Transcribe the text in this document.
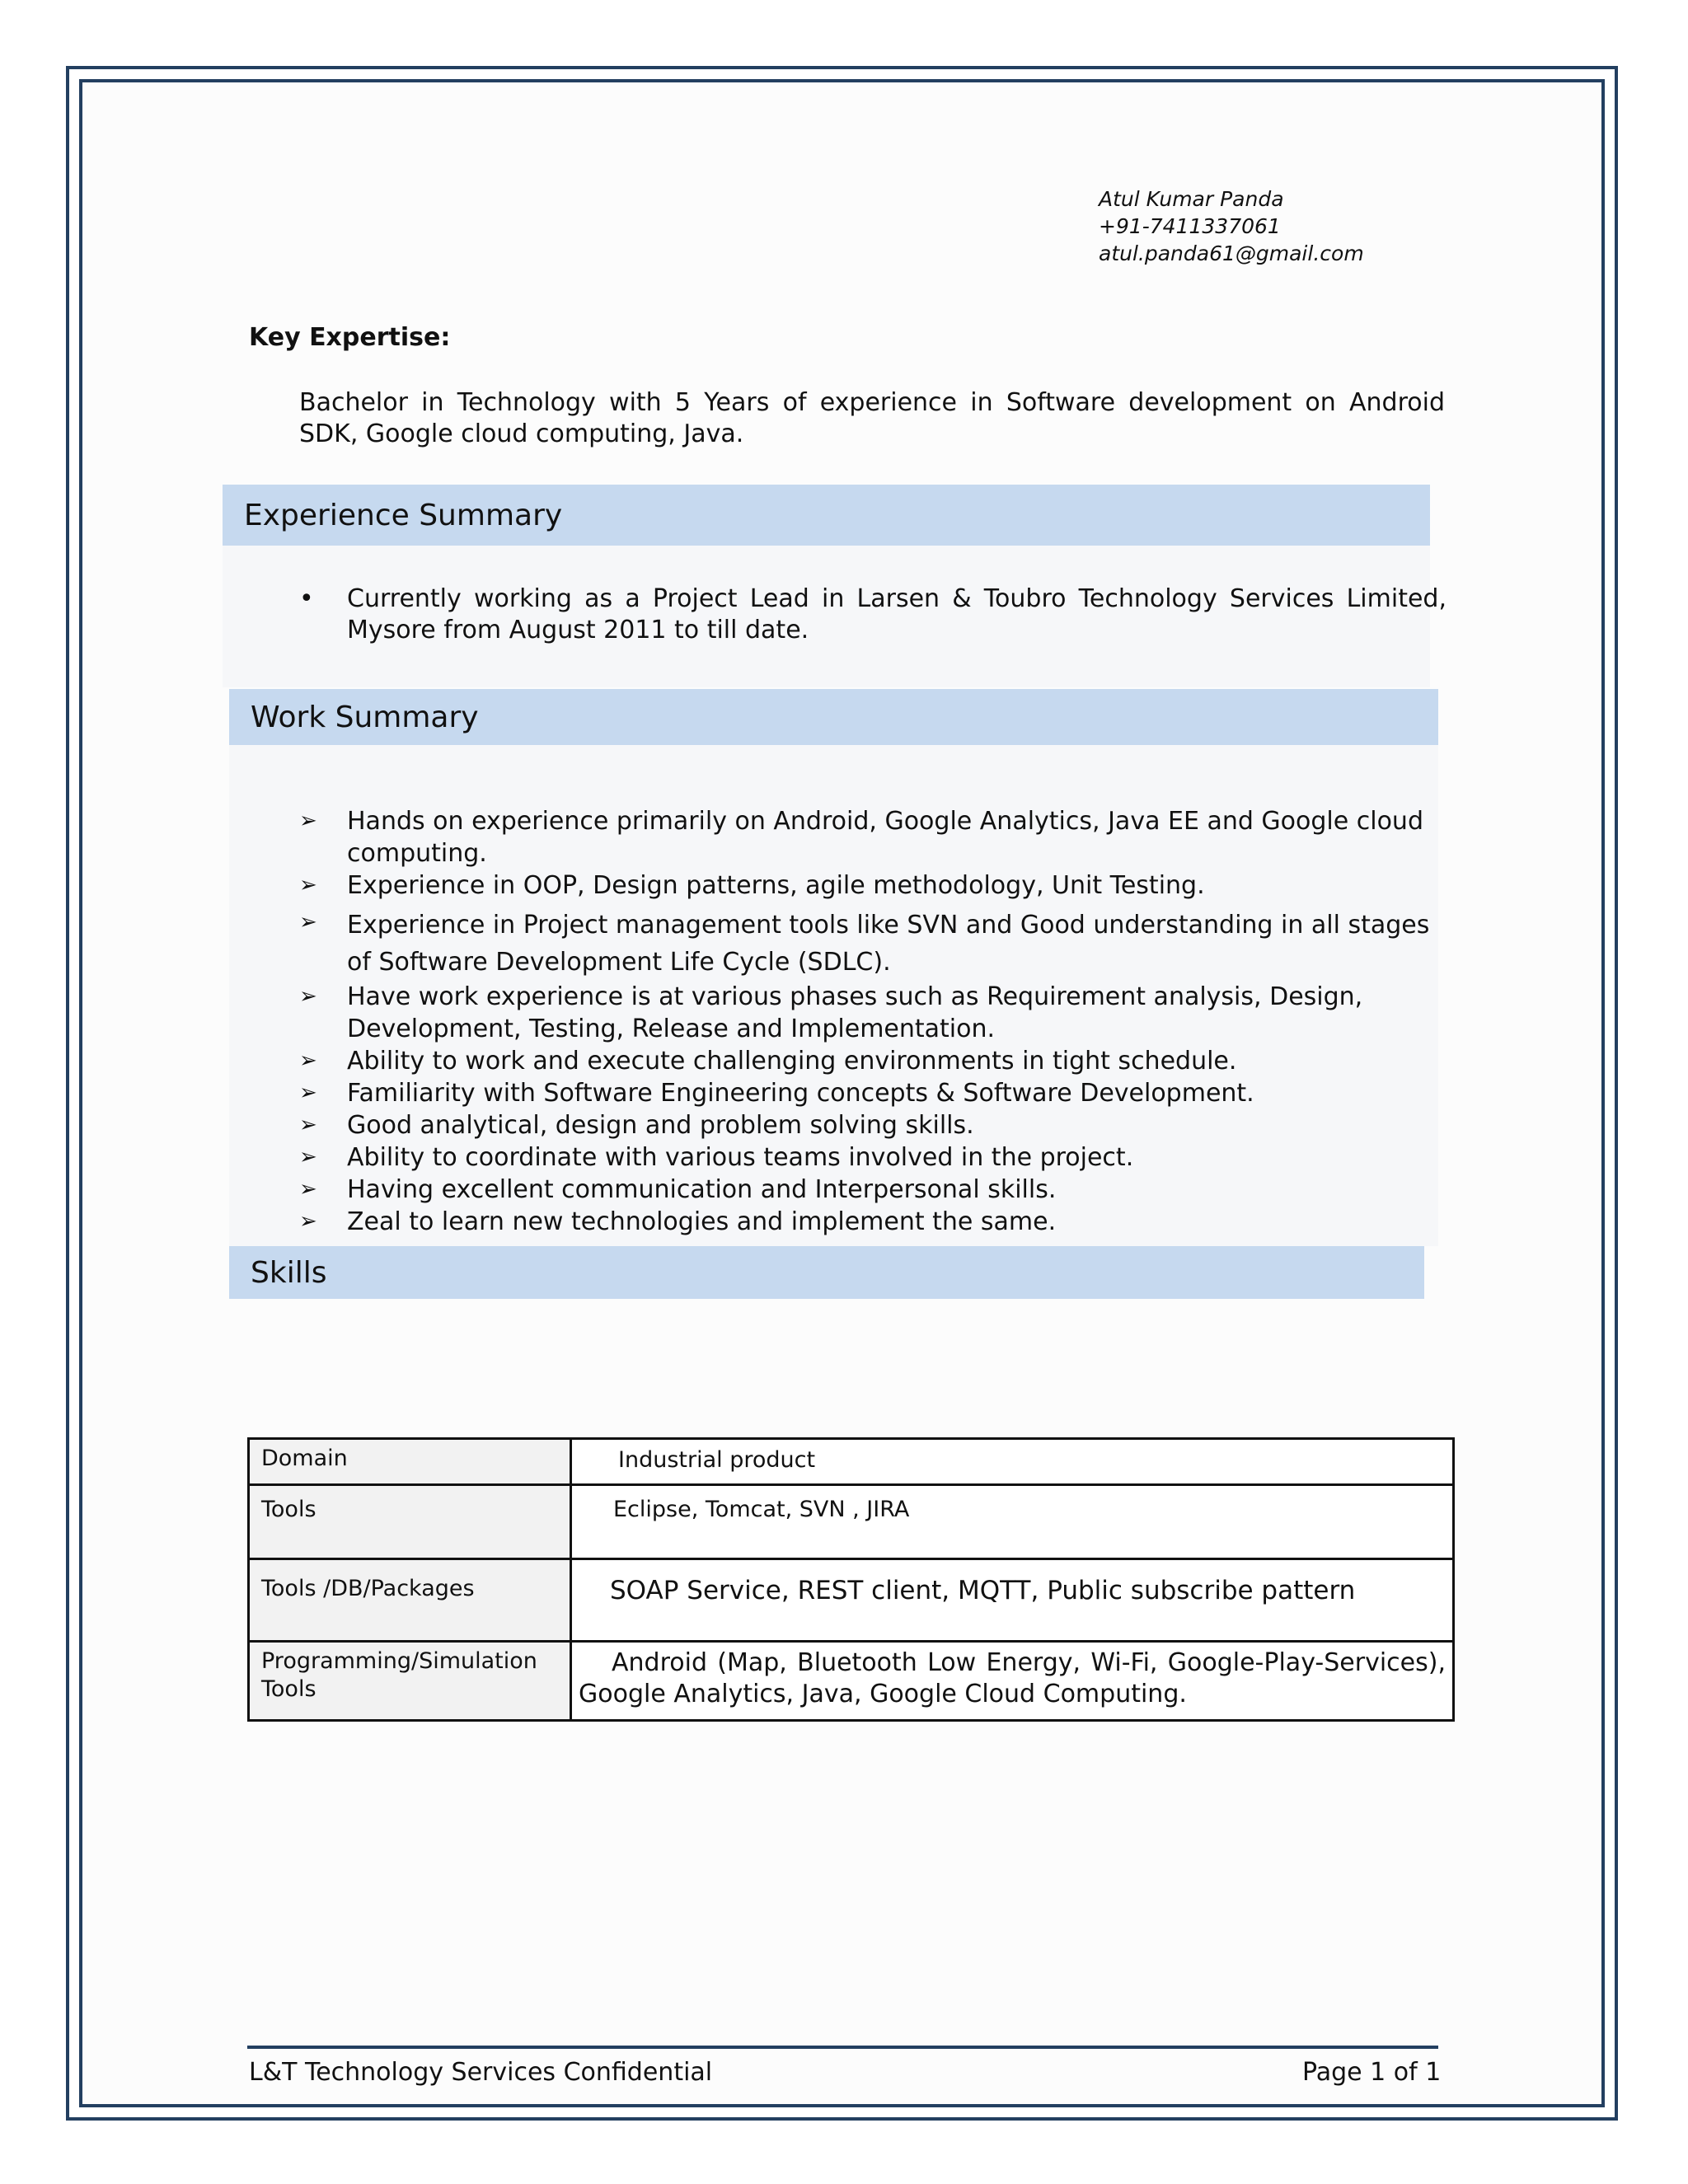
Atul Kumar Panda
+91-7411337061
atul.panda61@gmail.com
Key Expertise:
Bachelor in Technology with 5 Years of experience in Software development on Android SDK, Google cloud computing, Java.
Experience Summary
•	Currently working as a Project Lead in Larsen & Toubro Technology Services Limited, Mysore from August 2011 to till date.
Work Summary
➢ Hands on experience primarily on Android, Google Analytics, Java EE and Google cloud computing.
➢ Experience in OOP, Design patterns, agile methodology, Unit Testing.
➢ Experience in Project management tools like SVN and Good understanding in all stages of Software Development Life Cycle (SDLC).
➢ Have work experience is at various phases such as Requirement analysis, Design, Development, Testing, Release and Implementation.
➢ Ability to work and execute challenging environments in tight schedule.
➢ Familiarity with Software Engineering concepts & Software Development.
➢ Good analytical, design and problem solving skills.
➢ Ability to coordinate with various teams involved in the project.
➢ Having excellent communication and Interpersonal skills.
➢ Zeal to learn new technologies and implement the same.
Skills
Domain	Industrial product
Tools	Eclipse, Tomcat, SVN , JIRA
Tools /DB/Packages	SOAP Service, REST client, MQTT, Public subscribe pattern
Programming/Simulation Tools	Android (Map, Bluetooth Low Energy, Wi-Fi, Google-Play-Services), Google Analytics, Java, Google Cloud Computing.
L&T Technology Services Confidential	Page 1 of 1
